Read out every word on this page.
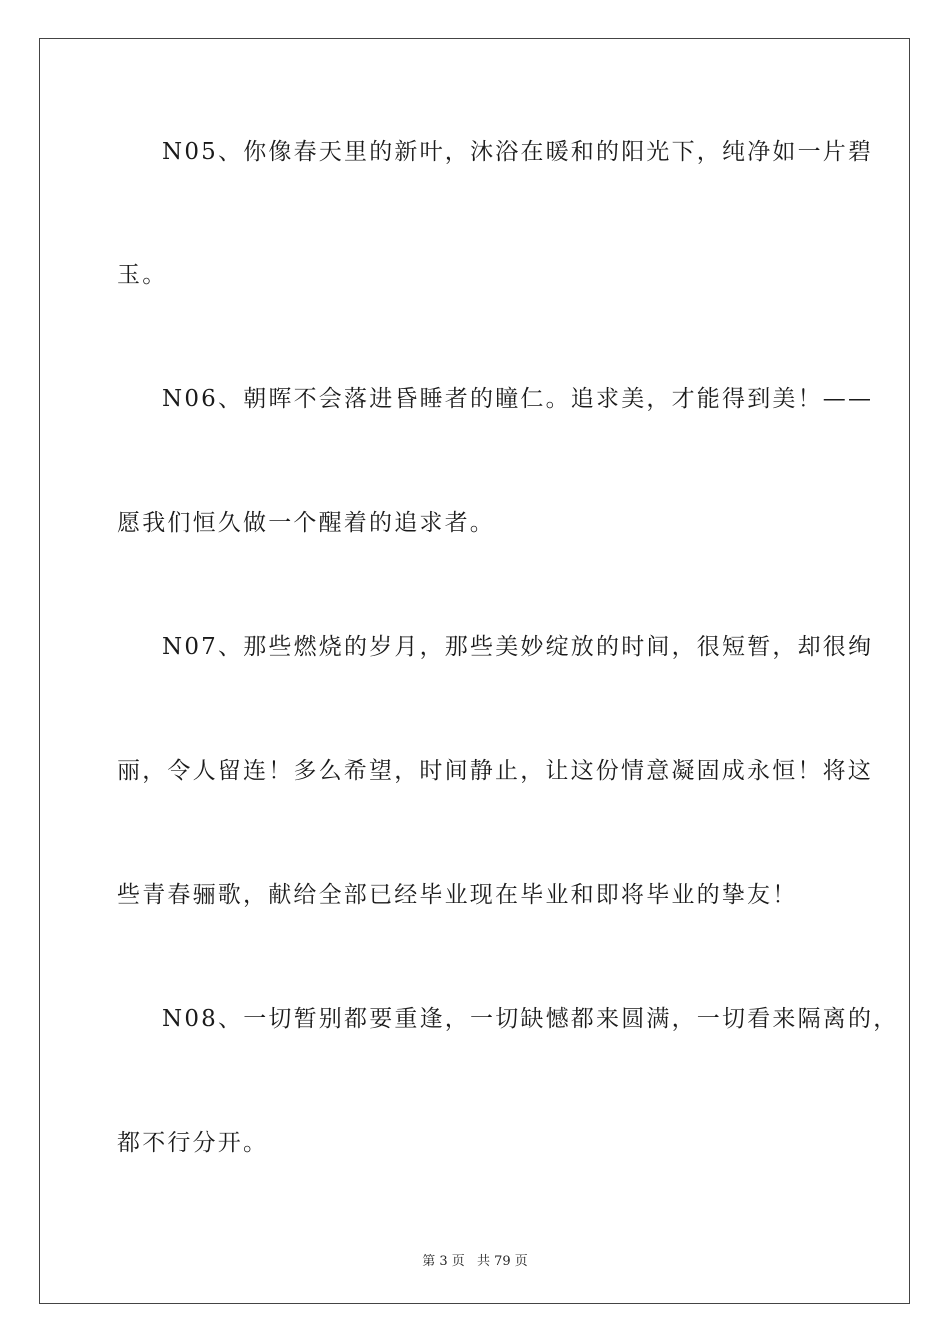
N05、你像春天里的新叶，沐浴在暖和的阳光下，纯净如一片碧
玉。
N06、朝晖不会落进昏睡者的瞳仁。追求美，才能得到美！——
愿我们恒久做一个醒着的追求者。
N07、那些燃烧的岁月，那些美妙绽放的时间，很短暂，却很绚
丽，令人留连！多么希望，时间静止，让这份情意凝固成永恒！将这
些青春骊歌，献给全部已经毕业现在毕业和即将毕业的挚友！
N08、一切暂别都要重逢，一切缺憾都来圆满，一切看来隔离的，
都不行分开。
第 3 页 共 79 页
